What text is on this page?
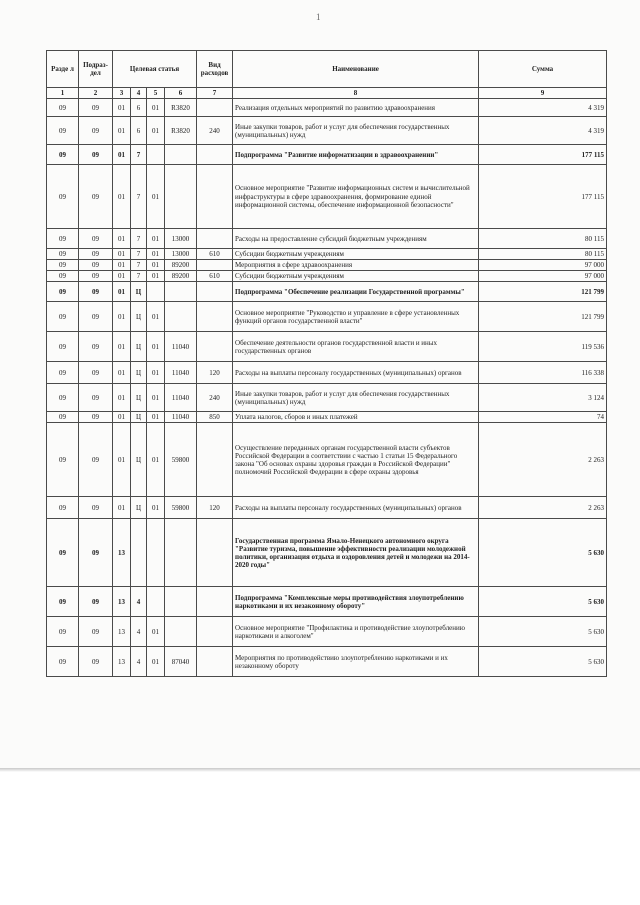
1
Разде л	Подраз- дел	Целевая статья				Вид расходов	Наименование	Сумма
1	2	3	4	5	6	7	8	9
09	09	01	6	01	R3820		Реализация отдельных мероприятий по развитию здравоохранения	4 319
09	09	01	6	01	R3820	240	Иные закупки товаров, работ и услуг для обеспечения государственных (муниципальных) нужд	4 319
09	09	01	7				Подпрограмма "Развитие информатизации в здравоохранении"	177 115
09	09	01	7	01			Основное мероприятие "Развитие информационных систем и вычислительной инфраструктуры в сфере здравоохранения, формирование единой информационной системы, обеспечение информационной безопасности"	177 115
09	09	01	7	01	13000		Расходы на предоставление субсидий бюджетным учреждениям	80 115
09	09	01	7	01	13000	610	Субсидии бюджетным учреждениям	80 115
09	09	01	7	01	89200		Мероприятия в сфере здравоохранения	97 000
09	09	01	7	01	89200	610	Субсидии бюджетным учреждениям	97 000
09	09	01	Ц				Подпрограмма "Обеспечение реализации Государственной программы"	121 799
09	09	01	Ц	01			Основное мероприятие "Руководство и управление в сфере установленных функций органов государственной власти"	121 799
09	09	01	Ц	01	11040		Обеспечение деятельности органов государственной власти и иных государственных органов	119 536
09	09	01	Ц	01	11040	120	Расходы на выплаты персоналу государственных (муниципальных) органов	116 338
09	09	01	Ц	01	11040	240	Иные закупки товаров, работ и услуг для обеспечения государственных (муниципальных) нужд	3 124
09	09	01	Ц	01	11040	850	Уплата налогов, сборов и иных платежей	74
09	09	01	Ц	01	59800		Осуществление переданных органам государственной власти субъектов Российской Федерации в соответствии с частью 1 статьи 15 Федерального закона "Об основах охраны здоровья граждан в Российской Федерации" полномочий Российской Федерации в сфере охраны здоровья	2 263
09	09	01	Ц	01	59800	120	Расходы на выплаты персоналу государственных (муниципальных) органов	2 263
09	09	13					Государственная программа Ямало-Ненецкого автономного округа "Развитие туризма, повышение эффективности реализации молодежной политики, организация отдыха и оздоровления детей и молодежи на 2014-2020 годы"	5 630
09	09	13	4				Подпрограмма "Комплексные меры противодействия злоупотреблению наркотиками и их незаконному обороту"	5 630
09	09	13	4	01			Основное мероприятие "Профилактика и противодействие злоупотреблению наркотиками и алкоголем"	5 630
09	09	13	4	01	87040		Мероприятия по противодействию злоупотреблению наркотиками и их незаконному обороту	5 630
